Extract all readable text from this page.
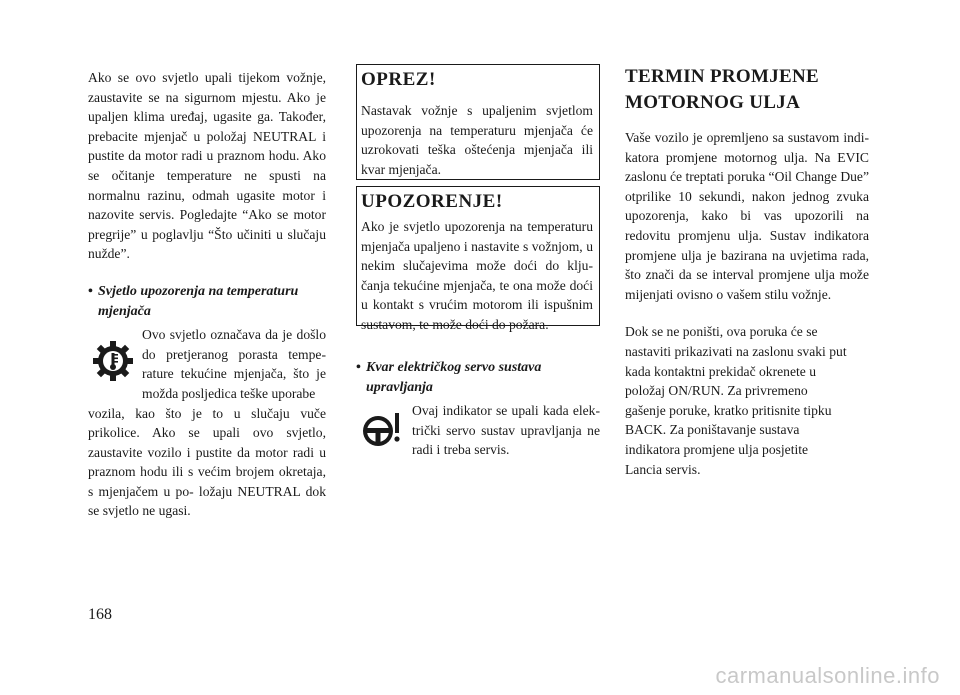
Ako se ovo svjetlo upali tijekom vožnje, zaustavite se na sigurnom mjestu. Ako je upaljen klima uređaj, ugasite ga. Također, prebacite mjenjač u položaj NEUTRAL i pustite da motor radi u praznom hodu. Ako se očitanje temperature ne spusti na normalnu razinu, odmah ugasite motor i nazovite servis. Pogledajte “Ako se motor pregrije” u poglavlju “Što učiniti u slučaju nužde”.

• Svjetlo upozorenja na temperaturu mjenjača

Ovo svjetlo označava da je došlo do pretjeranog porasta tempe- rature tekućine mjenjača, što je možda posljedica teške uporabe

vozila, kao što je to u slučaju vuče prikolice. Ako se upali ovo svjetlo, zaustavite vozilo i pustite da motor radi u praznom hodu ili s većim brojem okretaja, s mjenjačem u po- ložaju NEUTRAL dok se svjetlo ne ugasi.

OPREZ!

Nastavak vožnje s upaljenim svjetlom upozorenja na temperaturu mjenjača će uzrokovati teška oštećenja mjenjača ili kvar mjenjača.

UPOZORENJE!

Ako je svjetlo upozorenja na temperaturu mjenjača upaljeno i nastavite s vožnjom, u nekim slučajevima može doći do klju- čanja tekućine mjenjača, te ona može doći u kontakt s vrućim motorom ili ispušnim sustavom, te može doći do požara.

• Kvar električkog servo sustava upravljanja

Ovaj indikator se upali kada elek- trički servo sustav upravljanja ne radi i treba servis.

TERMIN PROMJENE
MOTORNOG ULJA

Vaše vozilo je opremljeno sa sustavom indi- katora promjene motornog ulja. Na EVIC zaslonu će treptati poruka “Oil Change Due” otprilike 10 sekundi, nakon jednog zvuka upozorenja, kako bi vas upozorili na redovitu promjenu ulja. Sustav indikatora promjene ulja je bazirana na uvjetima rada, što znači da se interval promjene ulja može mijenjati ovisno o vašem stilu vožnje.

Dok se ne poništi, ova poruka će se nastaviti prikazivati na zaslonu svaki put kada kontaktni prekidač okrenete u položaj ON/RUN. Za privremeno gašenje poruke, kratko pritisnite tipku BACK. Za poništavanje sustava indikatora promjene ulja posjetite Lancia servis.

168
carmanualsonline.info
